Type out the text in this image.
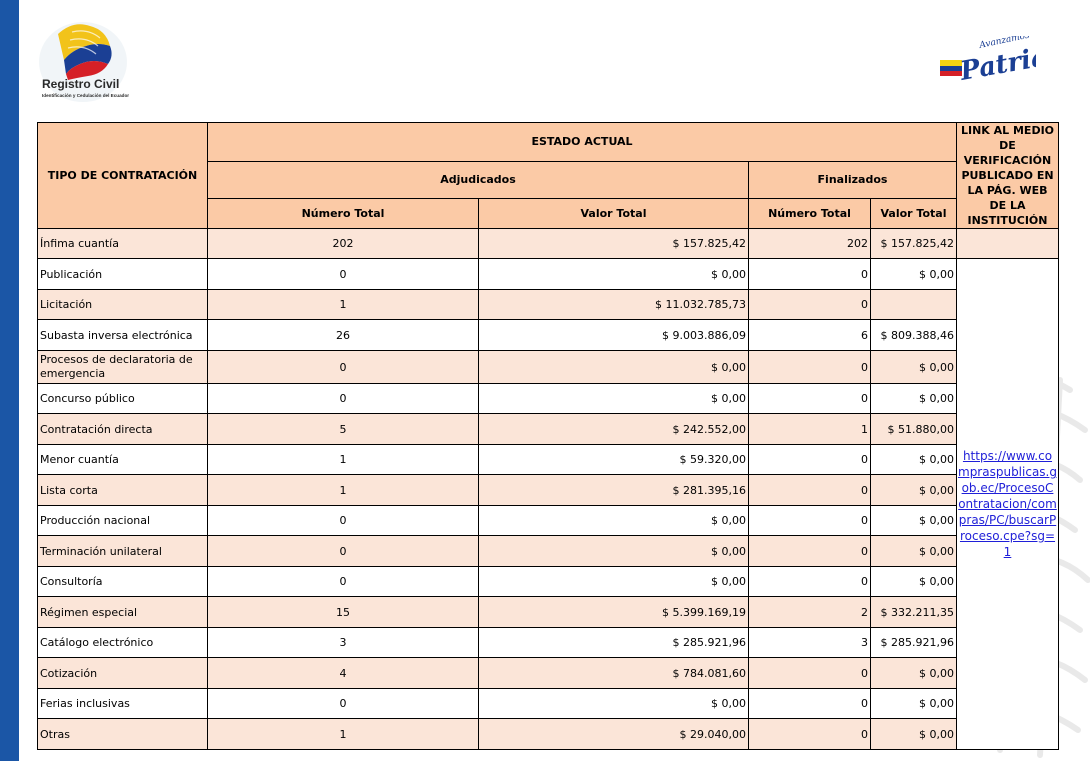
Registro Civil
Identificación y Cedulación del Ecuador
Avanzamos
Patria!
TIPO DE CONTRATACIÓN	ESTADO ACTUAL				LINK AL MEDIO DE VERIFICACIÓN PUBLICADO EN LA PÁG. WEB DE LA INSTITUCIÓN
	Adjudicados		Finalizados		
	Número Total	Valor Total	Número Total	Valor Total	
Ínfima cuantía	202	$ 157.825,42	202	$ 157.825,42	
Publicación	0	$ 0,00	0	$ 0,00	https://www.compraspublicas.gob.ec/ProcesoContratacion/compras/PC/buscarProceso.cpe?sg=1
Licitación	1	$ 11.032.785,73	0		
Subasta inversa electrónica	26	$ 9.003.886,09	6	$ 809.388,46	
Procesos de declaratoria de emergencia	0	$ 0,00	0	$ 0,00	
Concurso público	0	$ 0,00	0	$ 0,00	
Contratación directa	5	$ 242.552,00	1	$ 51.880,00	
Menor cuantía	1	$ 59.320,00	0	$ 0,00	
Lista corta	1	$ 281.395,16	0	$ 0,00	
Producción nacional	0	$ 0,00	0	$ 0,00	
Terminación unilateral	0	$ 0,00	0	$ 0,00	
Consultoría	0	$ 0,00	0	$ 0,00	
Régimen especial	15	$ 5.399.169,19	2	$ 332.211,35	
Catálogo electrónico	3	$ 285.921,96	3	$ 285.921,96	
Cotización	4	$ 784.081,60	0	$ 0,00	
Ferias inclusivas	0	$ 0,00	0	$ 0,00	
Otras	1	$ 29.040,00	0	$ 0,00	
